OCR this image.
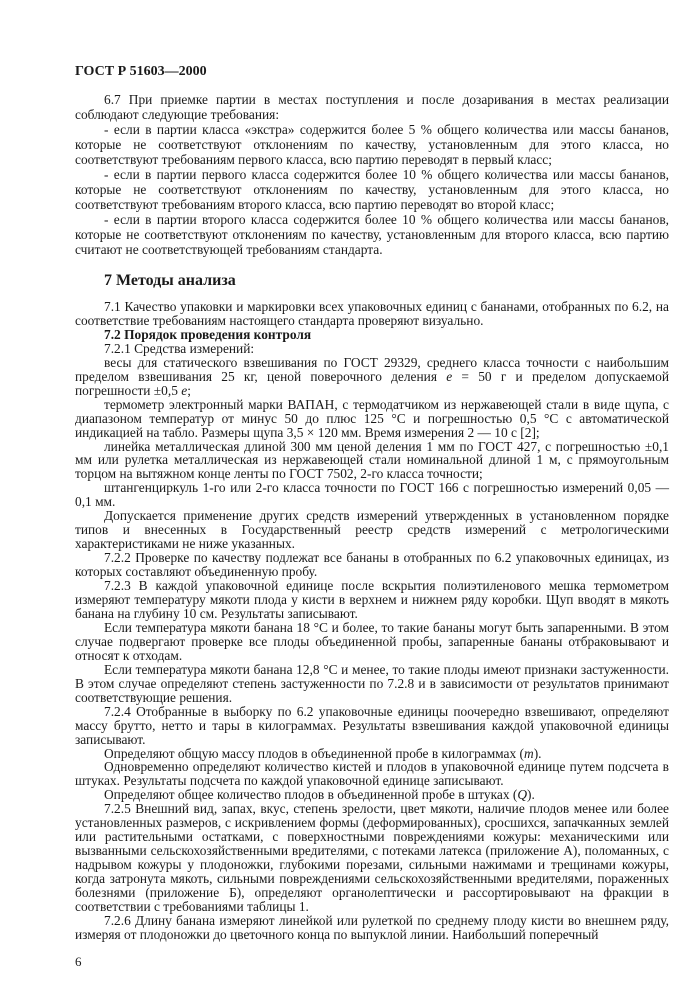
ГОСТ Р 51603—2000

6.7 При приемке партии в местах поступления и после дозаривания в местах реализации соблюдают следующие требования:

- если в партии класса «экстра» содержится более 5 % общего количества или массы бананов, которые не соответствуют отклонениям по качеству, установленным для этого класса, но соответствуют требованиям первого класса, всю партию переводят в первый класс;

- если в партии первого класса содержится более 10 % общего количества или массы бананов, которые не соответствуют отклонениям по качеству, установленным для этого класса, но соответствуют требованиям второго класса, всю партию переводят во второй класс;

- если в партии второго класса содержится более 10 % общего количества или массы бананов, которые не соответствуют отклонениям по качеству, установленным для второго класса, всю партию считают не соответствующей требованиям стандарта.

7 Методы анализа

7.1 Качество упаковки и маркировки всех упаковочных единиц с бананами, отобранных по 6.2, на соответствие требованиям настоящего стандарта проверяют визуально.

7.2 Порядок проведения контроля

7.2.1 Средства измерений:

весы для статического взвешивания по ГОСТ 29329, среднего класса точности с наибольшим пределом взвешивания 25 кг, ценой поверочного деления e = 50 г и пределом допускаемой погрешности ±0,5 e;

термометр электронный марки ВАПАН, с термодатчиком из нержавеющей стали в виде щупа, с диапазоном температур от минус 50 до плюс 125 °С и погрешностью 0,5 °С с автоматической индикацией на табло. Размеры щупа 3,5 × 120 мм. Время измерения 2 — 10 с [2];

линейка металлическая длиной 300 мм ценой деления 1 мм по ГОСТ 427, с погрешностью ±0,1 мм или рулетка металлическая из нержавеющей стали номинальной длиной 1 м, с прямоугольным торцом на вытяжном конце ленты по ГОСТ 7502, 2-го класса точности;

штангенциркуль 1-го или 2-го класса точности по ГОСТ 166 с погрешностью измерений 0,05 —0,1 мм.

Допускается применение других средств измерений утвержденных в установленном порядке типов и внесенных в Государственный реестр средств измерений с метрологическими характеристиками не ниже указанных.

7.2.2 Проверке по качеству подлежат все бананы в отобранных по 6.2 упаковочных единицах, из которых составляют объединенную пробу.

7.2.3 В каждой упаковочной единице после вскрытия полиэтиленового мешка термометром измеряют температуру мякоти плода у кисти в верхнем и нижнем ряду коробки. Щуп вводят в мякоть банана на глубину 10 см. Результаты записывают.

Если температура мякоти банана 18 °С и более, то такие бананы могут быть запаренными. В этом случае подвергают проверке все плоды объединенной пробы, запаренные бананы отбраковывают и относят к отходам.

Если температура мякоти банана 12,8 °С и менее, то такие плоды имеют признаки застуженности. В этом случае определяют степень застуженности по 7.2.8 и в зависимости от результатов принимают соответствующие решения.

7.2.4 Отобранные в выборку по 6.2 упаковочные единицы поочередно взвешивают, определяют массу брутто, нетто и тары в килограммах. Результаты взвешивания каждой упаковочной единицы записывают.

Определяют общую массу плодов в объединенной пробе в килограммах (m).

Одновременно определяют количество кистей и плодов в упаковочной единице путем подсчета в штуках. Результаты подсчета по каждой упаковочной единице записывают.

Определяют общее количество плодов в объединенной пробе в штуках (Q).

7.2.5 Внешний вид, запах, вкус, степень зрелости, цвет мякоти, наличие плодов менее или более установленных размеров, с искривлением формы (деформированных), сросшихся, запачканных землей или растительными остатками, с поверхностными повреждениями кожуры: механическими или вызванными сельскохозяйственными вредителями, с потеками латекса (приложение А), поломанных, с надрывом кожуры у плодоножки, глубокими порезами, сильными нажимами и трещинами кожуры, когда затронута мякоть, сильными повреждениями сельскохозяйственными вредителями, пораженных болезнями (приложение Б), определяют органолептически и рассортировывают на фракции в соответствии с требованиями таблицы 1.

7.2.6 Длину банана измеряют линейкой или рулеткой по среднему плоду кисти во внешнем ряду, измеряя от плодоножки до цветочного конца по выпуклой линии. Наибольший поперечный

6
